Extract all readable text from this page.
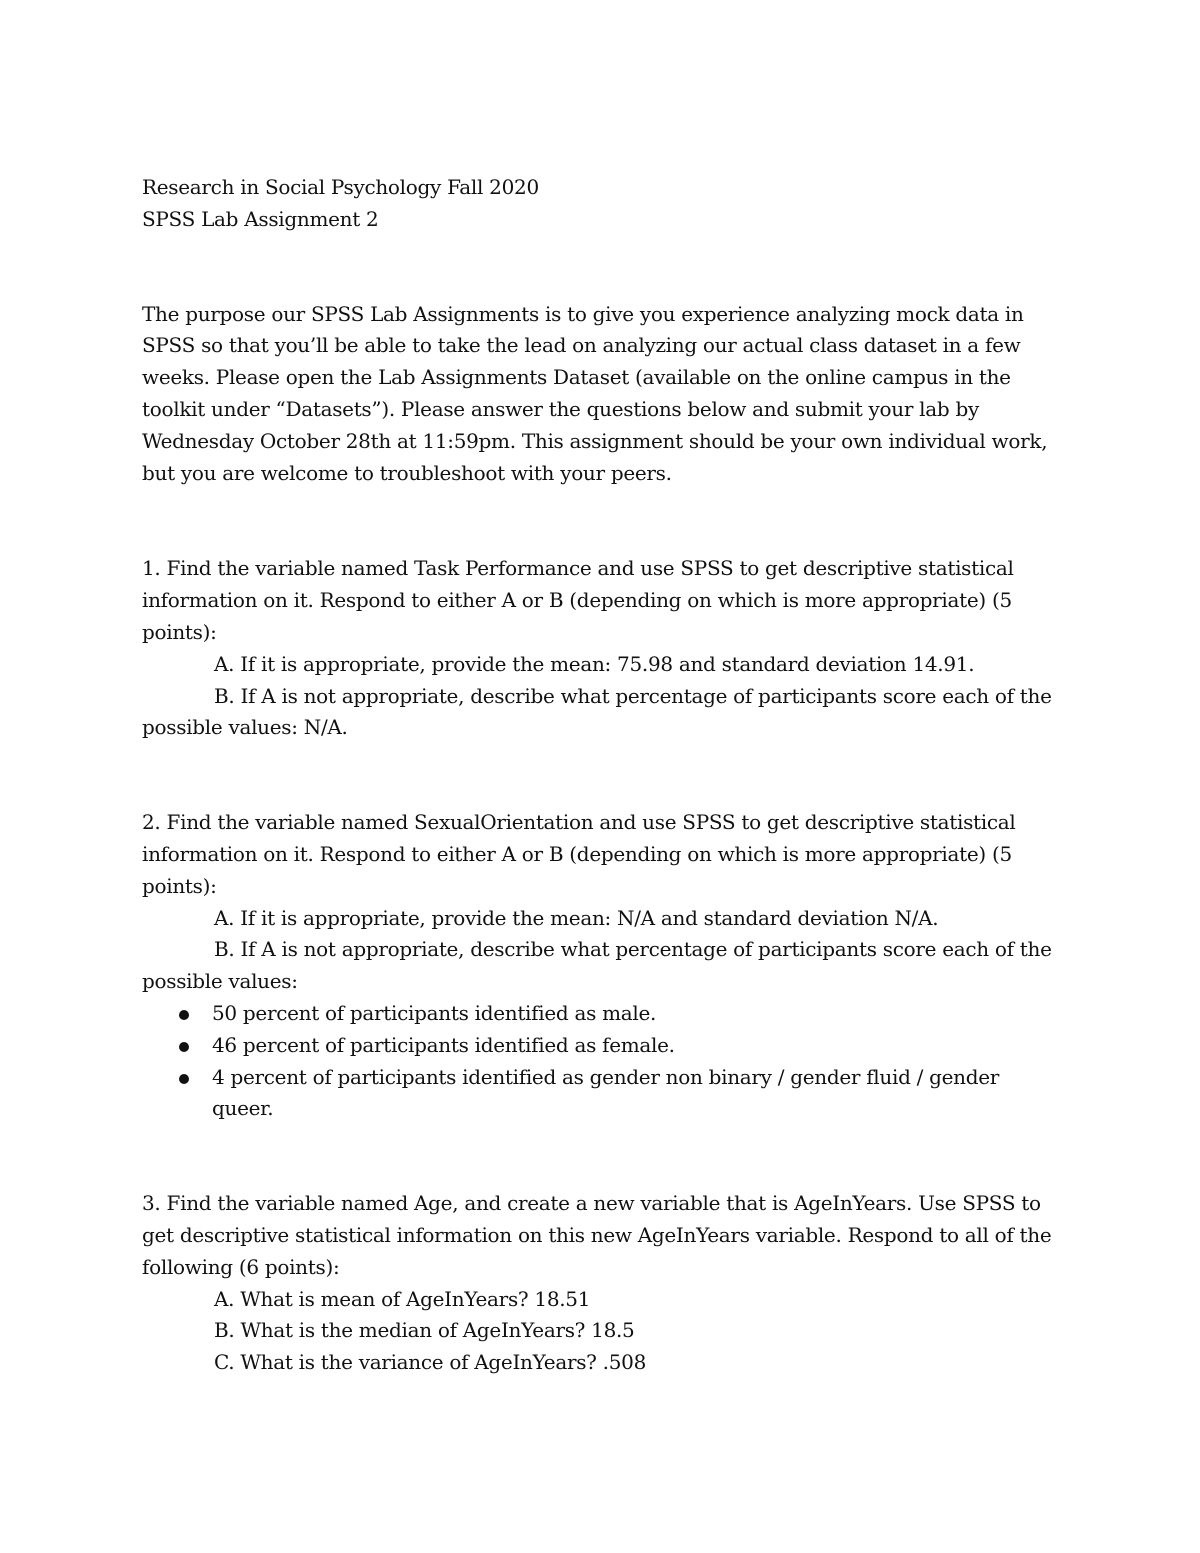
Research in Social Psychology Fall 2020

SPSS Lab Assignment 2

The purpose our SPSS Lab Assignments is to give you experience analyzing mock data in SPSS so that you’ll be able to take the lead on analyzing our actual class dataset in a few weeks. Please open the Lab Assignments Dataset (available on the online campus in the toolkit under “Datasets”). Please answer the questions below and submit your lab by Wednesday October 28th at 11:59pm. This assignment should be your own individual work, but you are welcome to troubleshoot with your peers.

1. Find the variable named Task Performance and use SPSS to get descriptive statistical information on it. Respond to either A or B (depending on which is more appropriate) (5 points):

A. If it is appropriate, provide the mean: 75.98 and standard deviation 14.91.

B. If A is not appropriate, describe what percentage of participants score each of the possible values: N/A.

2. Find the variable named SexualOrientation and use SPSS to get descriptive statistical information on it. Respond to either A or B (depending on which is more appropriate) (5 points):

A. If it is appropriate, provide the mean: N/A and standard deviation N/A.

B. If A is not appropriate, describe what percentage of participants score each of the possible values:

50 percent of participants identified as male.
46 percent of participants identified as female.
4 percent of participants identified as gender non binary / gender fluid / gender queer.

3. Find the variable named Age, and create a new variable that is AgeInYears. Use SPSS to get descriptive statistical information on this new AgeInYears variable. Respond to all of the following (6 points):

A. What is mean of AgeInYears? 18.51

B. What is the median of AgeInYears? 18.5

C. What is the variance of AgeInYears? .508
